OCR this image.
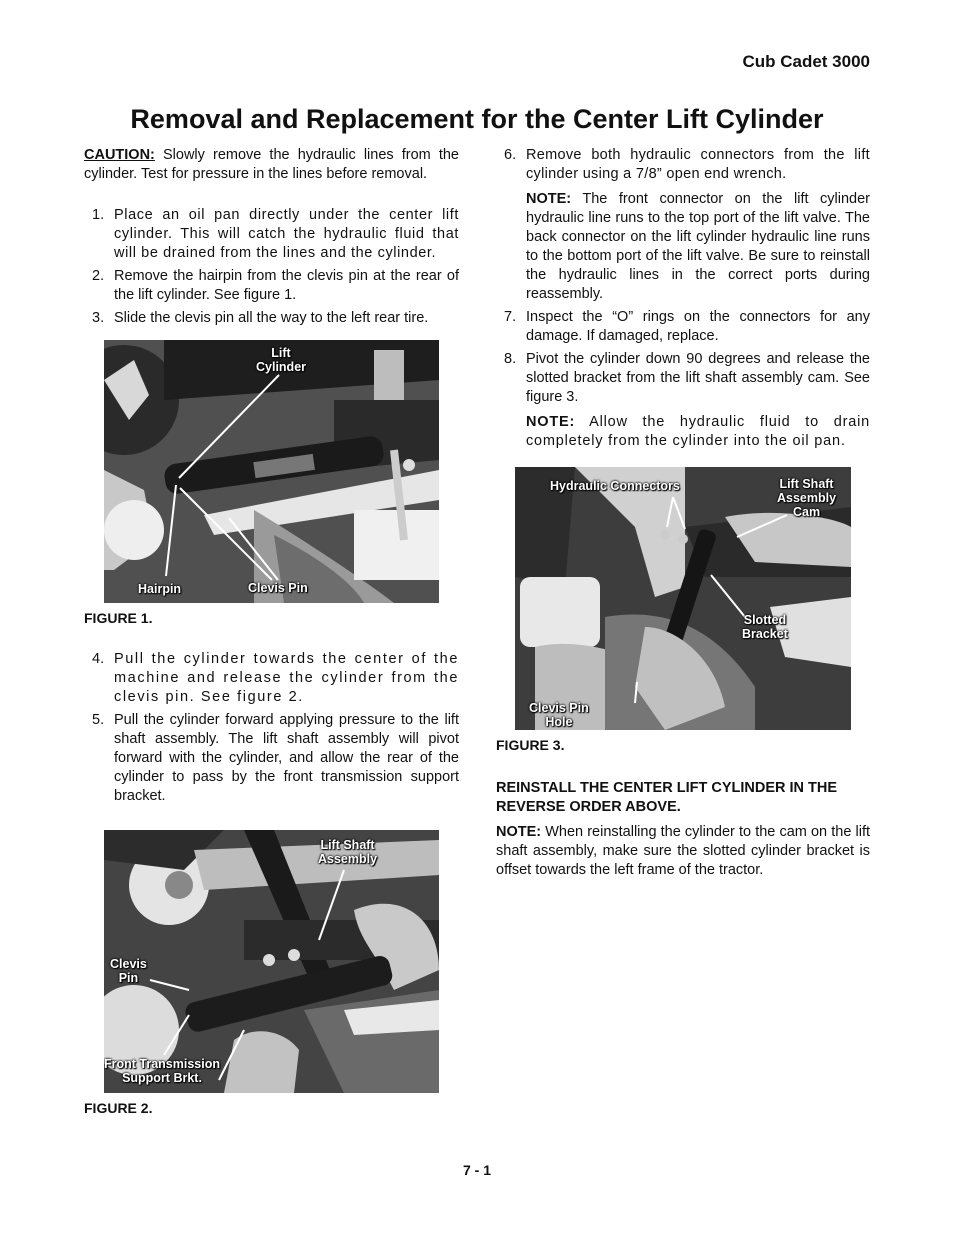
Cub Cadet 3000
Removal and Replacement for the Center Lift Cylinder
CAUTION: Slowly remove the hydraulic lines from the cylinder. Test for pressure in the lines before removal.
1. Place an oil pan directly under the center lift cylinder. This will catch the hydraulic fluid that will be drained from the lines and the cylinder.
2. Remove the hairpin from the clevis pin at the rear of the lift cylinder. See figure 1.
3. Slide the clevis pin all the way to the left rear tire.
Lift
Cylinder
Hairpin	Clevis Pin
FIGURE 1.
4. Pull the cylinder towards the center of the machine and release the cylinder from the clevis pin. See figure 2.
5. Pull the cylinder forward applying pressure to the lift shaft assembly. The lift shaft assembly will pivot forward with the cylinder, and allow the rear of the cylinder to pass by the front transmission support bracket.
Lift Shaft
Assembly
Clevis
Pin
Front Transmission
Support Brkt.
FIGURE 2.
6. Remove both hydraulic connectors from the lift cylinder using a 7/8” open end wrench.
NOTE: The front connector on the lift cylinder hydraulic line runs to the top port of the lift valve. The back connector on the lift cylinder hydraulic line runs to the bottom port of the lift valve. Be sure to reinstall the hydraulic lines in the correct ports during reassembly.
7. Inspect the “O” rings on the connectors for any damage. If damaged, replace.
8. Pivot the cylinder down 90 degrees and release the slotted bracket from the lift shaft assembly cam. See figure 3.
NOTE: Allow the hydraulic fluid to drain completely from the cylinder into the oil pan.
Hydraulic Connectors	Lift Shaft
Assembly
Cam
Slotted
Bracket
Clevis Pin
Hole
FIGURE 3.
REINSTALL THE CENTER LIFT CYLINDER IN THE REVERSE ORDER ABOVE.
NOTE: When reinstalling the cylinder to the cam on the lift shaft assembly, make sure the slotted cylinder bracket is offset towards the left frame of the tractor.
7 - 1
